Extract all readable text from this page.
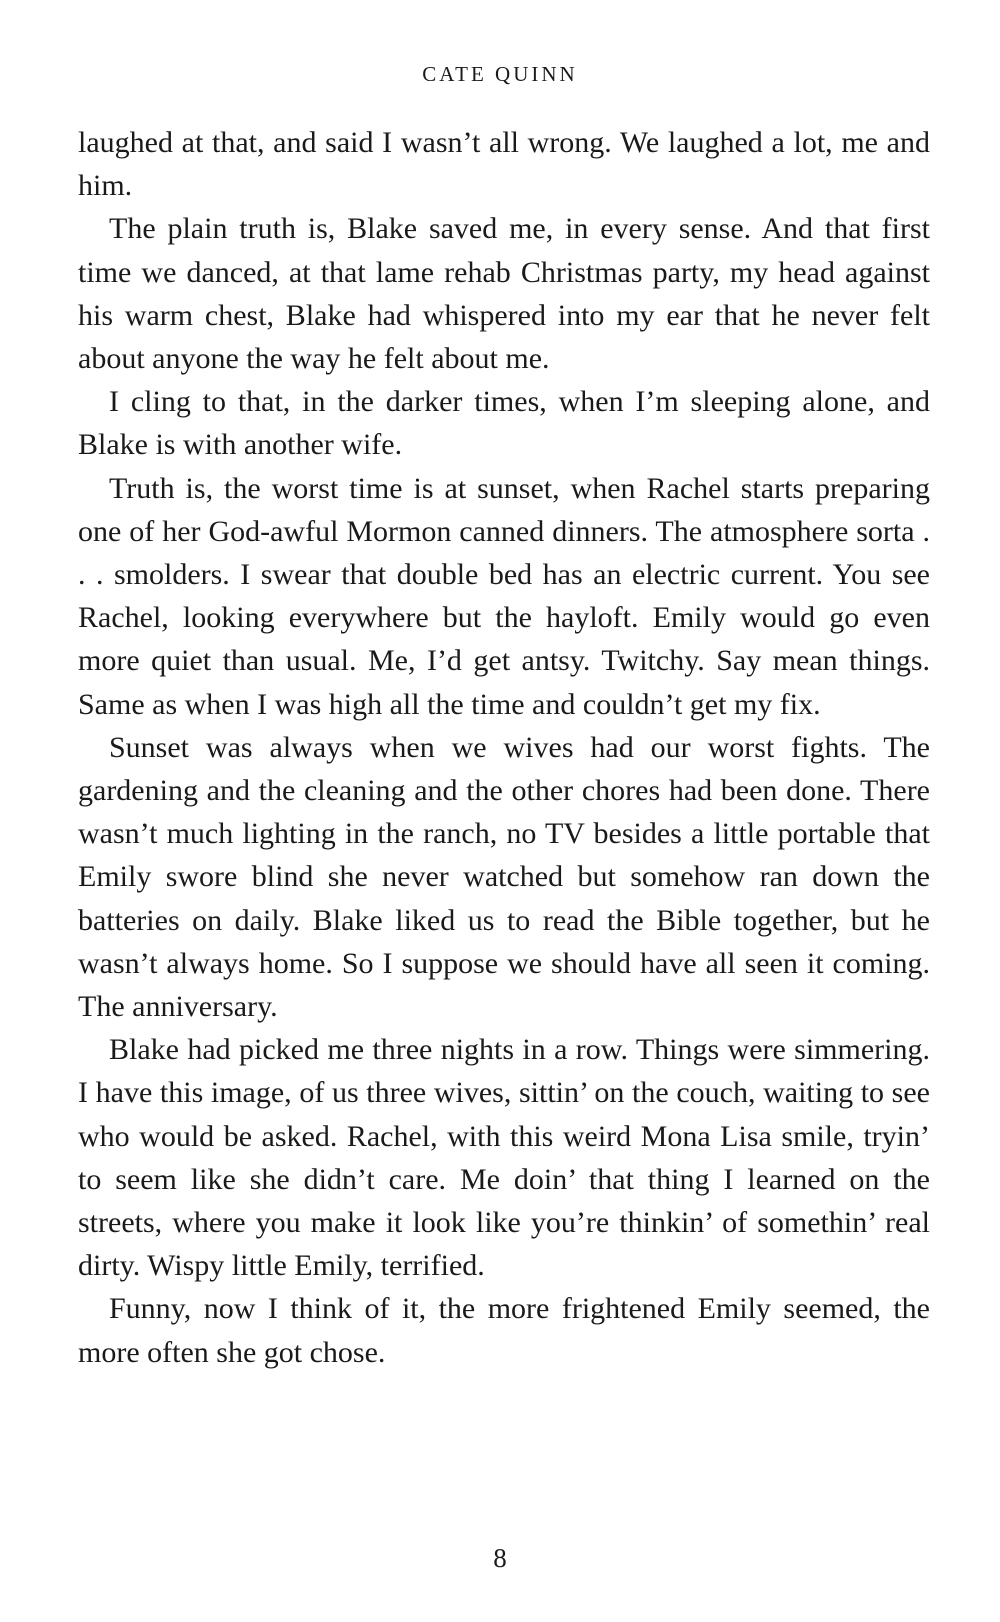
CATE QUINN

laughed at that, and said I wasn’t all wrong. We laughed a lot, me and him.

The plain truth is, Blake saved me, in every sense. And that first time we danced, at that lame rehab Christmas party, my head against his warm chest, Blake had whispered into my ear that he never felt about anyone the way he felt about me.

I cling to that, in the darker times, when I’m sleeping alone, and Blake is with another wife.

Truth is, the worst time is at sunset, when Rachel starts preparing one of her God-awful Mormon canned dinners. The atmosphere sorta . . . smolders. I swear that double bed has an electric current. You see Rachel, looking everywhere but the hayloft. Emily would go even more quiet than usual. Me, I’d get antsy. Twitchy. Say mean things. Same as when I was high all the time and couldn’t get my fix.

Sunset was always when we wives had our worst fights. The gardening and the cleaning and the other chores had been done. There wasn’t much lighting in the ranch, no TV besides a little portable that Emily swore blind she never watched but somehow ran down the batteries on daily. Blake liked us to read the Bible together, but he wasn’t always home. So I suppose we should have all seen it coming. The anniversary.

Blake had picked me three nights in a row. Things were simmering. I have this image, of us three wives, sittin’ on the couch, waiting to see who would be asked. Rachel, with this weird Mona Lisa smile, tryin’ to seem like she didn’t care. Me doin’ that thing I learned on the streets, where you make it look like you’re thinkin’ of somethin’ real dirty. Wispy little Emily, terrified.

Funny, now I think of it, the more frightened Emily seemed, the more often she got chose.

8
